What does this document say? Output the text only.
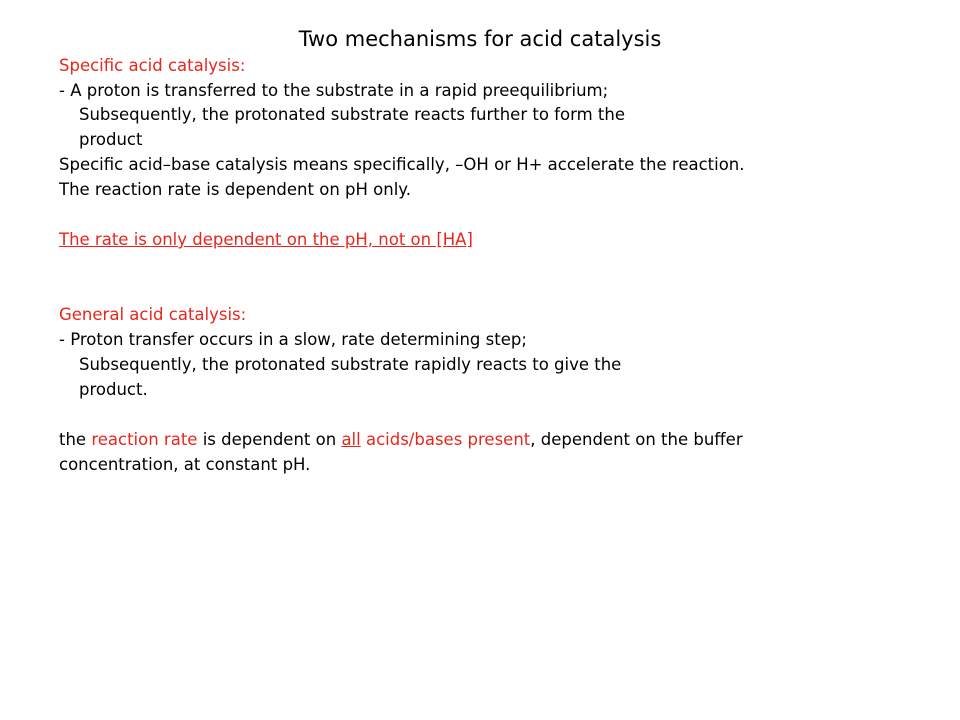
Two mechanisms for acid catalysis
Specific acid catalysis:
- A proton is transferred to the substrate in a rapid preequilibrium;
Subsequently, the protonated substrate reacts further to form the
product
Specific acid–base catalysis means specifically, –OH or H+ accelerate the reaction.
The reaction rate is dependent on pH only.
The rate is only dependent on the pH, not on [HA]
General acid catalysis:
- Proton transfer occurs in a slow, rate determining step;
Subsequently, the protonated substrate rapidly reacts to give the
product.
the reaction rate is dependent on all acids/bases present, dependent on the buffer
concentration, at constant pH.
